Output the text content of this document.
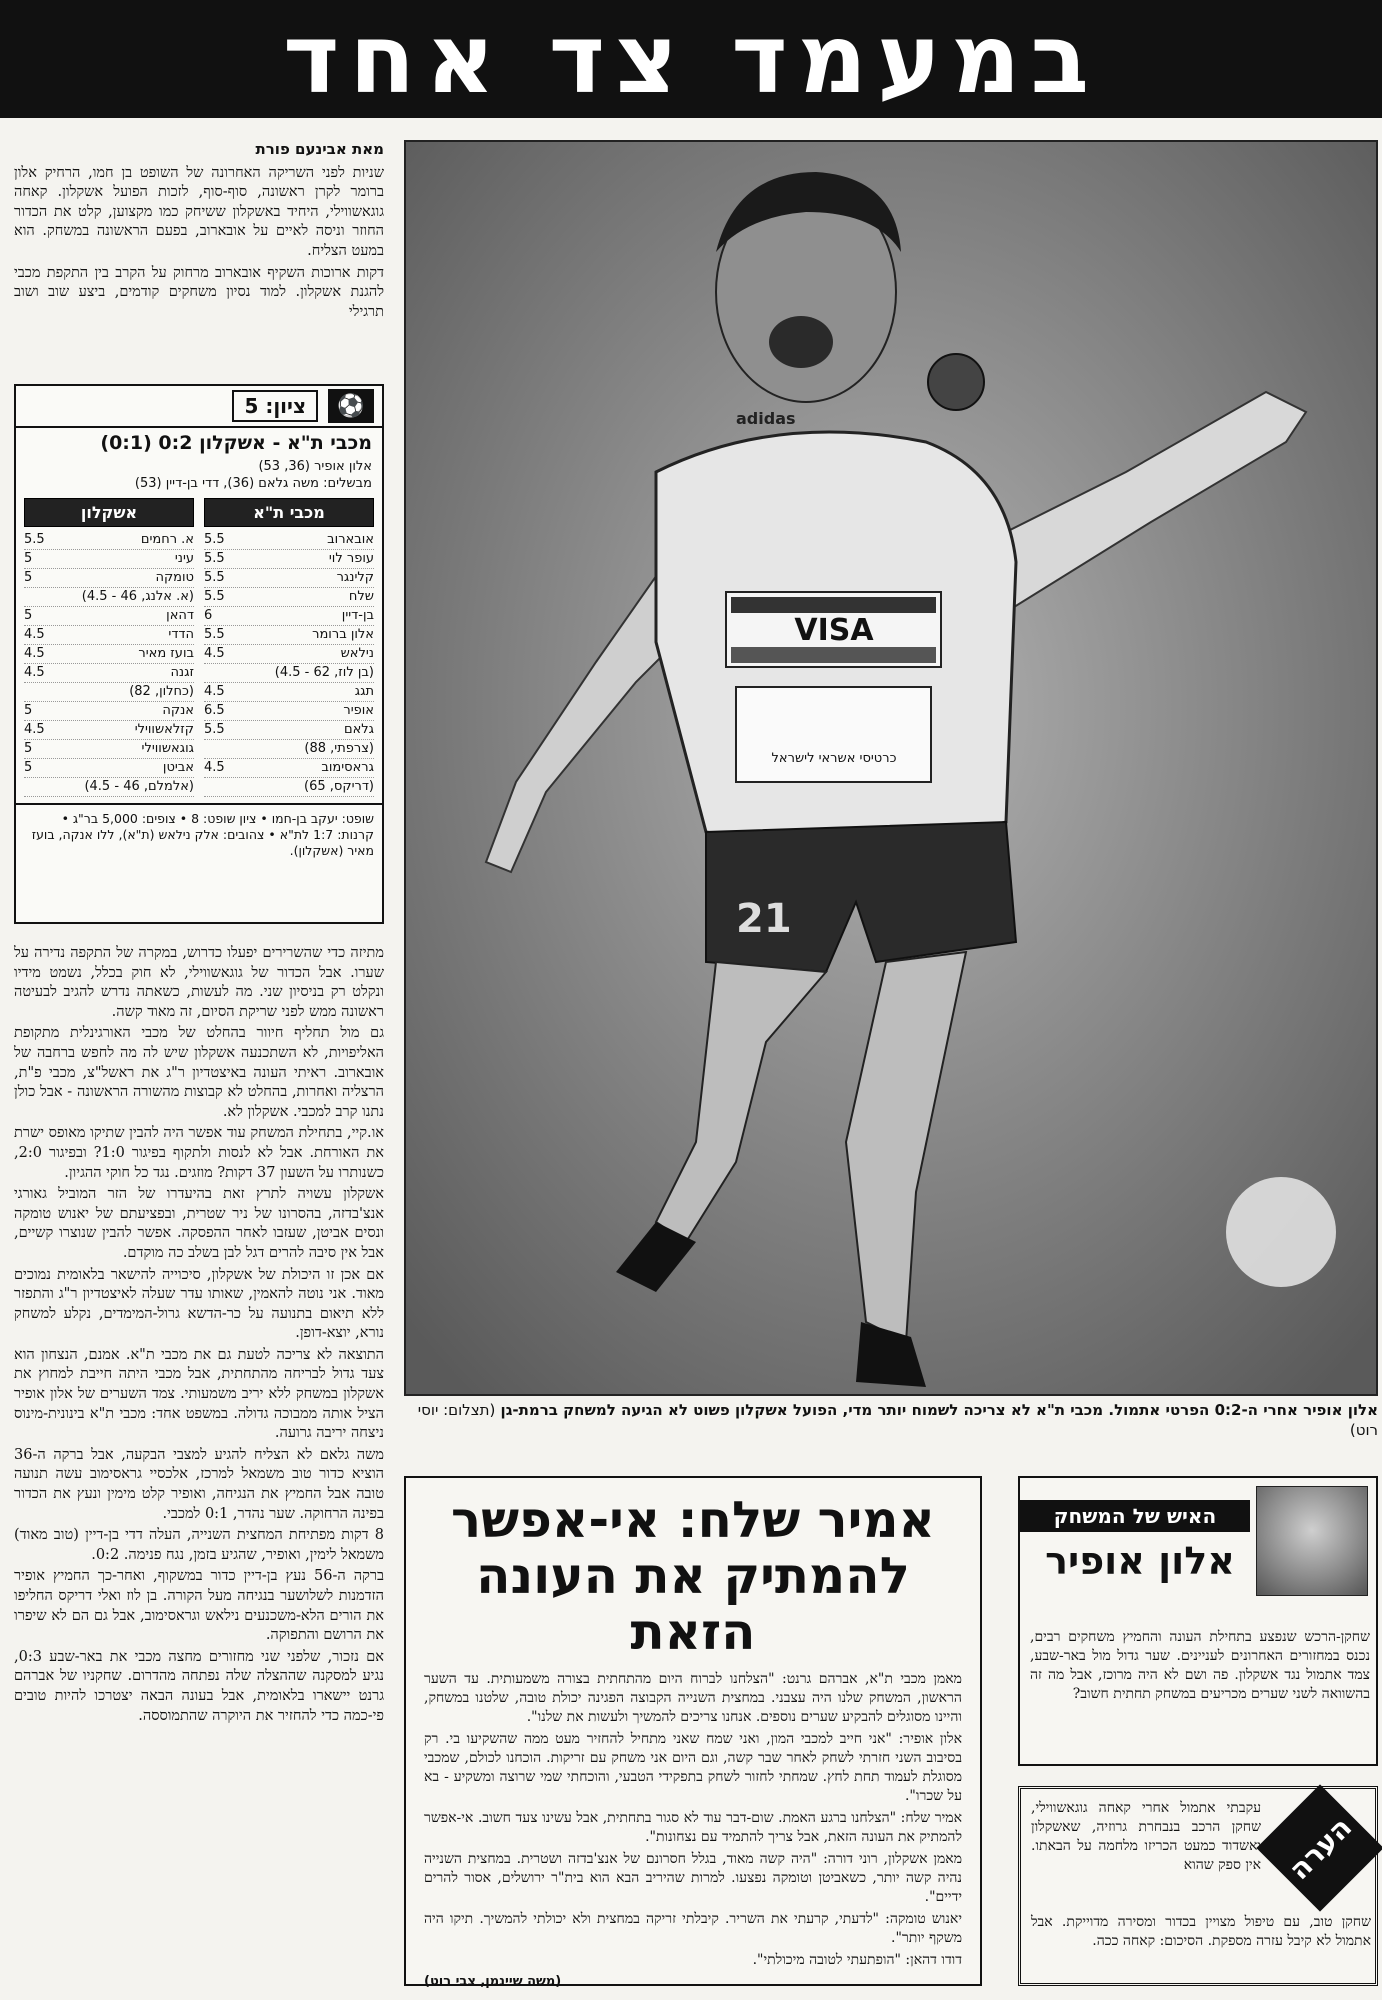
במעמד צד אחד
מאת אבינעם פורת

שניות לפני השריקה האחרונה של השופט בן חמו, הרחיק אלון ברומר לקרן ראשונה, סוף-סוף, לזכות הפועל אשקלון. קאחה גוגאשווילי, היחיד באשקלון ששיחק כמו מקצוען, קלט את הכדור החוזר וניסה לאיים על אובארוב, בפעם הראשונה במשחק. הוא במעט הצליח.

דקות ארוכות השקיף אובארוב מרחוק על הקרב בין התקפת מכבי להגנת אשקלון. למוד נסיון משחקים קודמים, ביצע שוב ושוב תרגילי

ציון: 5	⚽
מכבי ת"א - אשקלון 0:2 (0:1)
אלון אופיר (36, 53)
מבשלים: משה גלאם (36), דדי בן-דיין (53)
מכבי ת"א
אובארוב
5.5
עופר לוי
5.5
קלינגר
5.5
שלח
5.5
בן-דיין
6
אלון ברומר
5.5
נילאש
4.5
(בן לוז, 62 - 4.5)
תגג
4.5
אופיר
6.5
גלאם
5.5
(צרפתי, 88)
גראסימוב
4.5
(דריקס, 65)
אשקלון
א. רחמים
5.5
עיני
5
טומקה
5
(א. אלנג, 46 - 4.5)
דהאן
5
הדדי
4.5
בועז מאיר
4.5
זגנה
4.5
(כחלון, 82)
אנקה
5
קזלאשווילי
4.5
גוגאשווילי
5
אביטן
5
(אלמלם, 46 - 4.5)
שופט: יעקב בן-חמו • ציון שופט: 8 • צופים: 5,000 בר"ג • קרנות: 1:7 לת"א • צהובים: אלק נילאש (ת"א), ללו אנקה, בועז מאיר (אשקלון).

מתיזה כדי שהשרירים יפעלו כדרוש, במקרה של התקפה נדירה על שערו. אבל הכדור של גוגאשווילי, לא חוק בכלל, נשמט מידיו ונקלט רק בניסיון שני. מה לעשות, כשאתה נדרש להגיב לבעיטה ראשונה ממש לפני שריקת הסיום, זה מאוד קשה.

גם מול תחליף חיוור בהחלט של מכבי האורגינלית מתקופת האליפויות, לא השתכנעה אשקלון שיש לה מה לחפש ברחבה של אובארוב. ראיתי העונה באיצטדיון ר"ג את ראשל"צ, מכבי פ"ת, הרצליה ואחרות, בהחלט לא קבוצות מהשורה הראשונה - אבל כולן נתנו קרב למכבי. אשקלון לא.

או.קיי, בתחילת המשחק עוד אפשר היה להבין שתיקו מאופס ישרת את האורחת. אבל לא לנסות ולתקוף בפיגור 1:0? ובפיגור 2:0, כשנותרו על השעון 37 דקות? מוזגים. נגד כל חוקי ההגיון.

אשקלון עשויה לתרץ זאת בהיעדרו של הזר המוביל גאורגי אנצ'בדזה, בהסרונו של ניר שטרית, ובפציעתם של יאנוש טומקה ונסים אביטן, שעזבו לאחר ההפסקה. אפשר להבין שנוצרו קשיים, אבל אין סיבה להרים דגל לבן בשלב כה מוקדם.

אם אכן זו היכולת של אשקלון, סיכוייה להישאר בלאומית נמוכים מאוד. אני נוטה להאמין, שאותו עדר שעלה לאיצטדיון ר"ג והתפזר ללא תיאום בתנועה על כר-הדשא גרול-המימדים, נקלע למשחק נורא, יוצא-דופן.

התוצאה לא צריכה לטעת גם את מכבי ת"א. אמנם, הנצחון הוא צעד גדול לבריחה מהתחתית, אבל מכבי היתה חייבת למחוץ את אשקלון במשחק ללא יריב משמעותי. צמד השערים של אלון אופיר הציל אותה ממבוכה גדולה. במשפט אחד: מכבי ת"א בינונית-מינוס ניצחה יריבה גרועה.

משה גלאם לא הצליח להגיע למצבי הבקעה, אבל ברקה ה-36 הוציא כדור טוב משמאל למרכז, אלכסיי גראסימוב עשה תנועה טובה אבל החמיץ את הנגיחה, ואופיר קלט מימין ונעץ את הכדור בפינה הרחוקה. שער נהדר, 0:1 למכבי.

8 דקות מפתיחת המחצית השנייה, העלה דדי בן-דיין (טוב מאוד) משמאל לימין, ואופיר, שהגיע בזמן, נגח פנימה. 0:2.

ברקה ה-56 נעץ בן-דיין כדור במשקוף, ואחר-כך החמיץ אופיר הזדמנות לשלושער בנגיחה מעל הקורה. בן לוז ואלי דריקס החליפו את הורים הלא-משכנעים נילאש וגראסימוב, אבל גם הם לא שיפרו את הרושם והתפוקה.

אם נזכור, שלפני שני מחזורים מחצה מכבי את באר-שבע 0:3, נגיע למסקנה שההצלה שלה נפתחה מהדרום. שחקניו של אברהם גרנט יישארו בלאומית, אבל בעונה הבאה יצטרכו להיות טובים פי-כמה כדי להחזיר את היוקרה שהתמוססה.

VISA
כרטיסי אשראי לישראל
adidas
21
אלון אופיר אחרי ה-0:2 הפרטי אתמול. מכבי ת"א לא צריכה לשמוח יותר מדי, הפועל אשקלון פשוט לא הגיעה למשחק ברמת-גן (תצלום: יוסי רוט)
אמיר שלח: אי-אפשר להמתיק את העונה הזאת

מאמן מכבי ת"א, אברהם גרנט: "הצלחנו לברוח היום מהתחתית בצורה משמעותית. עד השער הראשון, המשחק שלנו היה עצבני. במחצית השנייה הקבוצה הפגינה יכולת טובה, שלטנו במשחק, והיינו מסוגלים להבקיע שערים נוספים. אנחנו צריכים להמשיך ולעשות את שלנו".

אלון אופיר: "אני חייב למכבי המון, ואני שמח שאני מתחיל להחזיר מעט ממה שהשקיעו בי. רק בסיבוב השני חזרתי לשחק לאחר שבר קשה, וגם היום אני משחק עם זריקות. הוכחנו לכולם, שמכבי מסוגלת לעמוד תחת לחץ. שמחתי לחזור לשחק בתפקידי הטבעי, והוכחתי שמי שרוצה ומשקיע - בא על שכרו".

אמיר שלח: "הצלחנו ברגע האמת. שום-דבר עוד לא סגור בתחתית, אבל עשינו צעד חשוב. אי-אפשר להמתיק את העונה הזאת, אבל צריך להתמיד עם נצחונות".

מאמן אשקלון, רוני דורה: "היה קשה מאוד, בגלל חסרונם של אנצ'בדזה ושטרית. במחצית השנייה נהיה קשה יותר, כשאביטן וטומקה נפצעו. למרות שהיריב הבא הוא בית"ר ירושלים, אסור להרים ידיים".

יאנוש טומקה: "לדעתי, קרעתי את השריר. קיבלתי זריקה במחצית ולא יכולתי להמשיך. תיקו היה משקף יותר".

דודו דהאן: "הופתעתי לטובה מיכולתי".

(משה שיינמן, צבי רוט)
האיש של המשחק
אלון אופיר
שחקן-הרכש שנפצע בתחילת העונה והחמיץ משחקים רבים, נכנס במחזורים האחרונים לעניינים. שער גדול מול באר-שבע, צמד אתמול נגד אשקלון. פה ושם לא היה מרוכז, אבל מה זה בהשוואה לשני שערים מכריעים במשחק תחתית חשוב?
הערה
עקבתי אתמול אחרי קאחה גוגאשווילי, שחקן הרכב בנבחרת גרוזיה, שאשקלון ואשדוד כמעט הכריזו מלחמה על הבאתו. אין ספק שהוא
שחקן טוב, עם טיפול מצויין בכדור ומסירה מדוייקת. אבל אתמול לא קיבל עזרה מספקת. הסיכום: קאחה ככה.
